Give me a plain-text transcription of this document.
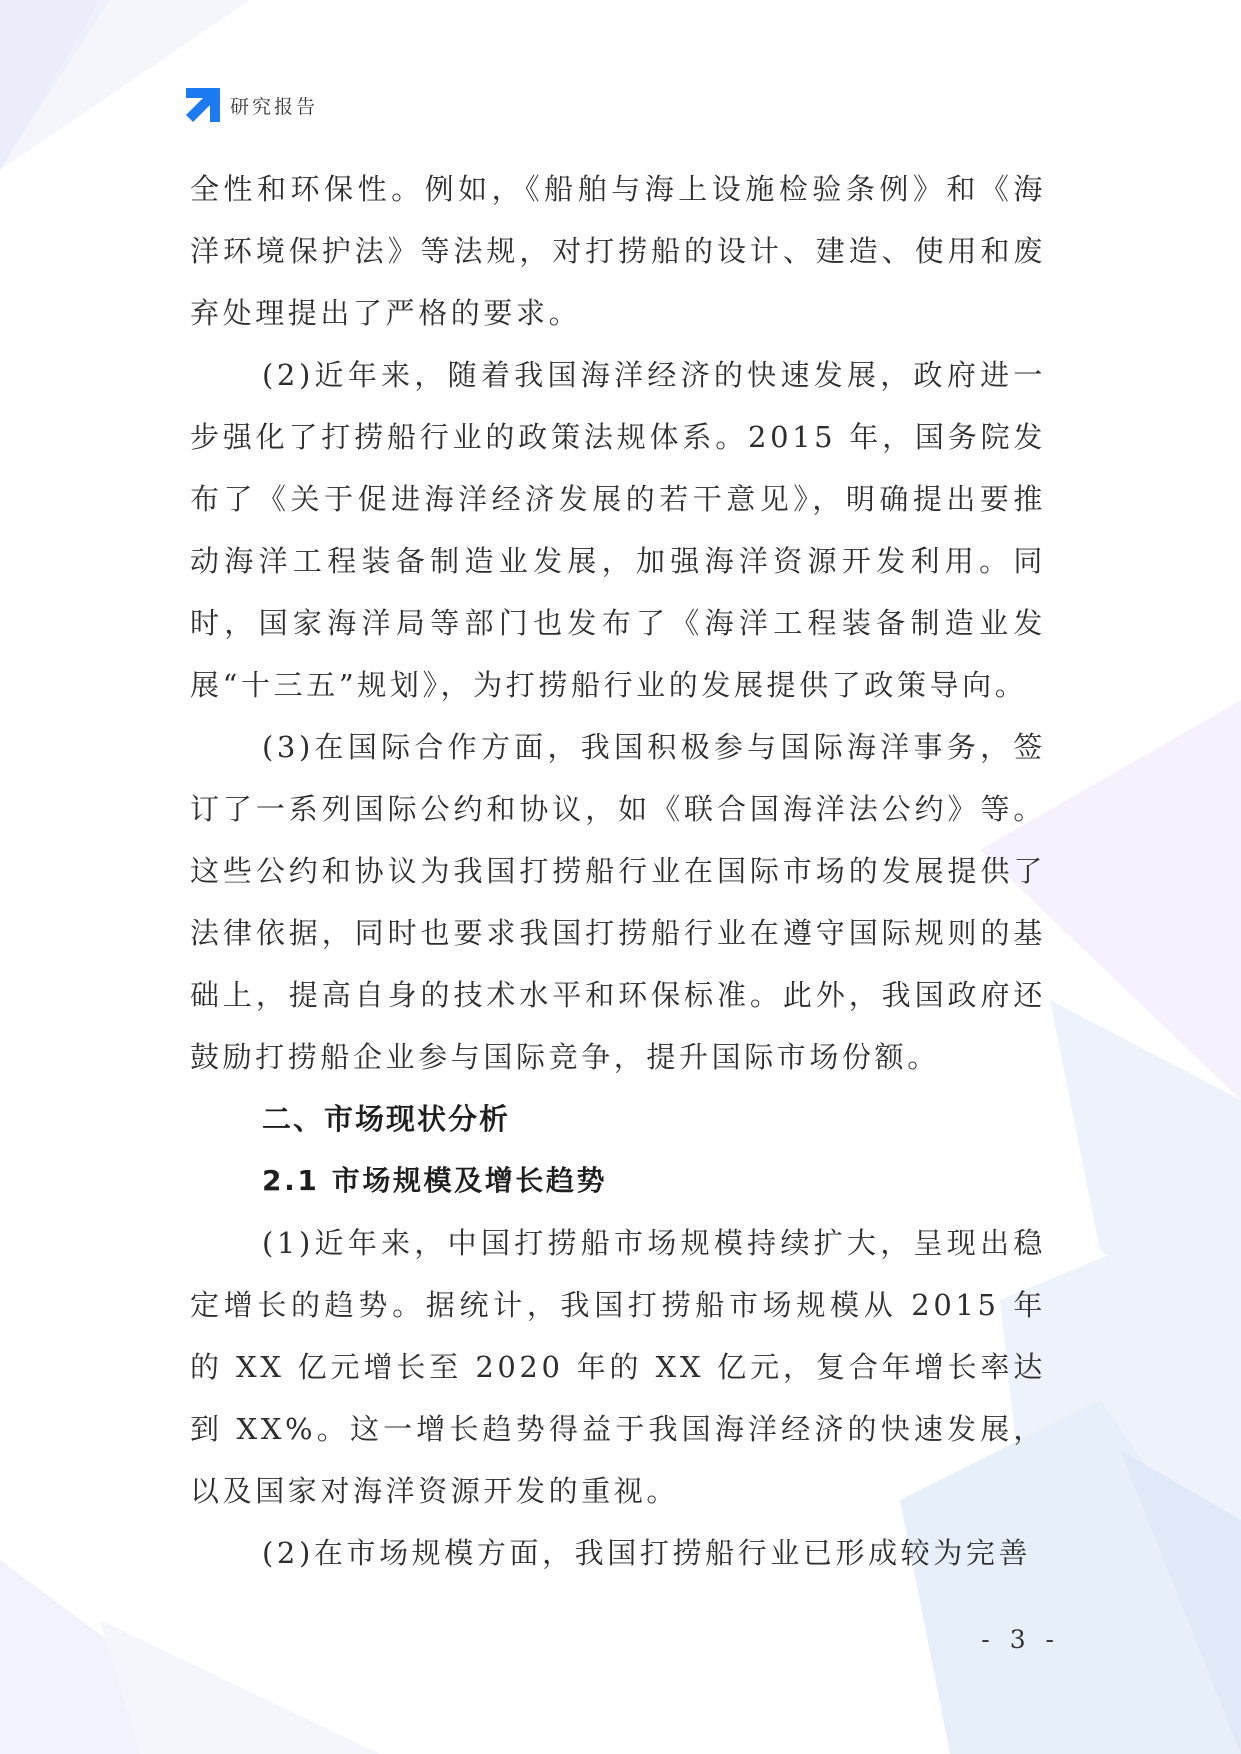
研究报告

全性和环保性。例如，《船舶与海上设施检验条例》和《海洋环境保护法》等法规，对打捞船的设计、建造、使用和废弃处理提出了严格的要求。

(2)近年来，随着我国海洋经济的快速发展，政府进一步强化了打捞船行业的政策法规体系。2015 年，国务院发布了《关于促进海洋经济发展的若干意见》，明确提出要推动海洋工程装备制造业发展，加强海洋资源开发利用。同时，国家海洋局等部门也发布了《海洋工程装备制造业发展“十三五”规划》，为打捞船行业的发展提供了政策导向。

(3)在国际合作方面，我国积极参与国际海洋事务，签订了一系列国际公约和协议，如《联合国海洋法公约》等。这些公约和协议为我国打捞船行业在国际市场的发展提供了法律依据，同时也要求我国打捞船行业在遵守国际规则的基础上，提高自身的技术水平和环保标准。此外，我国政府还鼓励打捞船企业参与国际竞争，提升国际市场份额。

二、市场现状分析
2.1 市场规模及增长趋势

(1)近年来，中国打捞船市场规模持续扩大，呈现出稳定增长的趋势。据统计，我国打捞船市场规模从 2015 年的 XX 亿元增长至 2020 年的 XX 亿元，复合年增长率达到 XX%。这一增长趋势得益于我国海洋经济的快速发展，以及国家对海洋资源开发的重视。

(2)在市场规模方面，我国打捞船行业已形成较为完善

- 3 -
